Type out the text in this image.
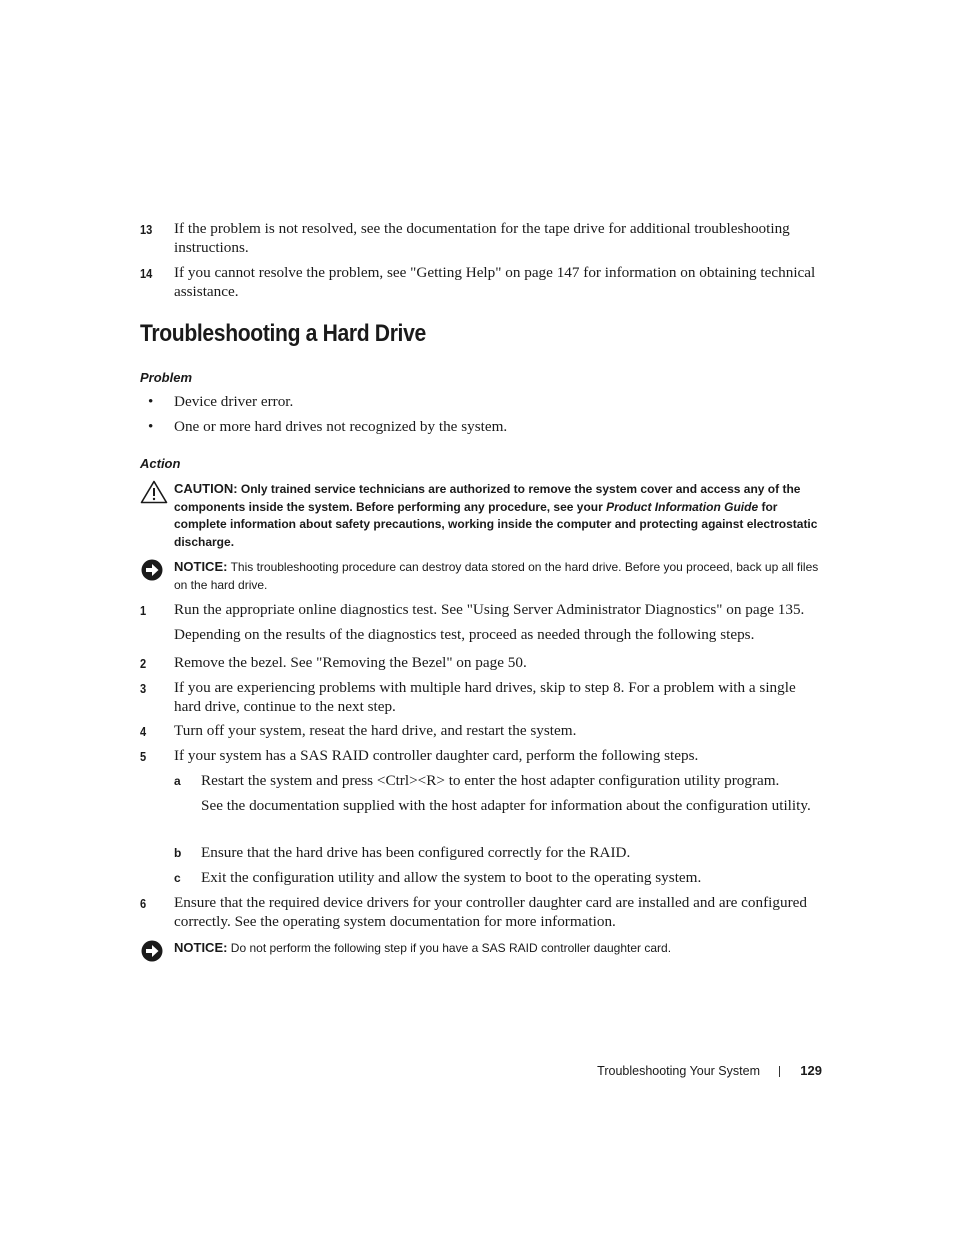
13	If the problem is not resolved, see the documentation for the tape drive for additional troubleshooting instructions.
14	If you cannot resolve the problem, see "Getting Help" on page 147 for information on obtaining technical assistance.
Troubleshooting a Hard Drive
Problem
• Device driver error.
• One or more hard drives not recognized by the system.
Action
CAUTION: Only trained service technicians are authorized to remove the system cover and access any of the components inside the system. Before performing any procedure, see your Product Information Guide for complete information about safety precautions, working inside the computer and protecting against electrostatic discharge.
NOTICE: This troubleshooting procedure can destroy data stored on the hard drive. Before you proceed, back up all files on the hard drive.
1	Run the appropriate online diagnostics test. See "Using Server Administrator Diagnostics" on page 135.
Depending on the results of the diagnostics test, proceed as needed through the following steps.
2	Remove the bezel. See "Removing the Bezel" on page 50.
3	If you are experiencing problems with multiple hard drives, skip to step 8. For a problem with a single hard drive, continue to the next step.
4	Turn off your system, reseat the hard drive, and restart the system.
5	If your system has a SAS RAID controller daughter card, perform the following steps.
a	Restart the system and press <Ctrl><R> to enter the host adapter configuration utility program.
See the documentation supplied with the host adapter for information about the configuration utility.
b	Ensure that the hard drive has been configured correctly for the RAID.
c	Exit the configuration utility and allow the system to boot to the operating system.
6	Ensure that the required device drivers for your controller daughter card are installed and are configured correctly. See the operating system documentation for more information.
NOTICE: Do not perform the following step if you have a SAS RAID controller daughter card.
Troubleshooting Your System	129
